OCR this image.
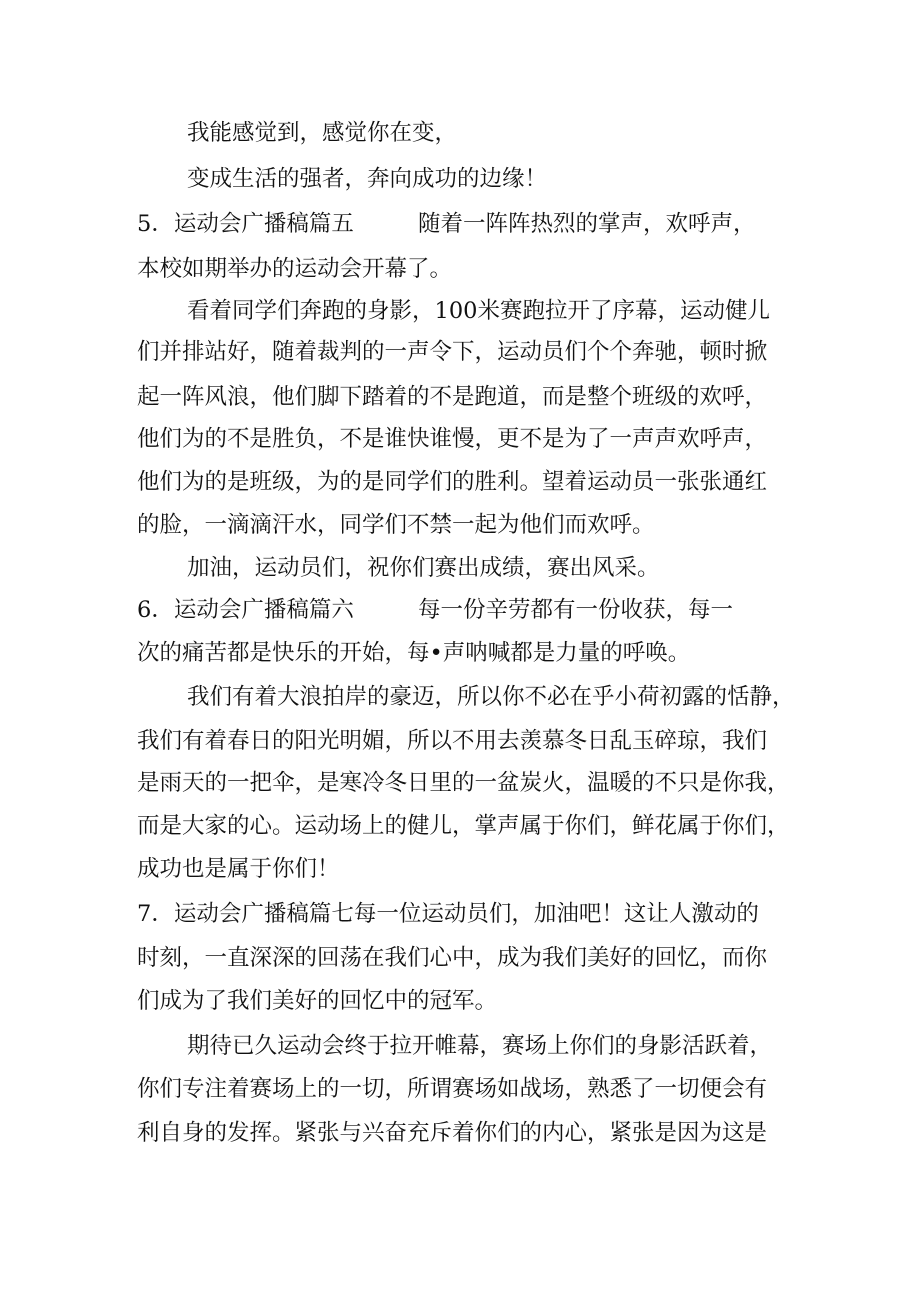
我能感觉到，感觉你在变，
变成生活的强者，奔向成功的边缘！
5．运动会广播稿篇五	随着一阵阵热烈的掌声，欢呼声，
本校如期举办的运动会开幕了。
看着同学们奔跑的身影，100米赛跑拉开了序幕，运动健儿
们并排站好，随着裁判的一声令下，运动员们个个奔驰，顿时掀
起一阵风浪，他们脚下踏着的不是跑道，而是整个班级的欢呼，
他们为的不是胜负，不是谁快谁慢，更不是为了一声声欢呼声，
他们为的是班级，为的是同学们的胜利。望着运动员一张张通红
的脸，一滴滴汗水，同学们不禁一起为他们而欢呼。
加油，运动员们，祝你们赛出成绩，赛出风采。
6．运动会广播稿篇六	每一份辛劳都有一份收获，每一
次的痛苦都是快乐的开始，每•声呐喊都是力量的呼唤。
我们有着大浪拍岸的豪迈，所以你不必在乎小荷初露的恬静，
我们有着春日的阳光明媚，所以不用去羡慕冬日乱玉碎琼，我们
是雨天的一把伞，是寒冷冬日里的一盆炭火，温暖的不只是你我，
而是大家的心。运动场上的健儿，掌声属于你们，鲜花属于你们，
成功也是属于你们！
7．运动会广播稿篇七每一位运动员们，加油吧！这让人激动的
时刻，一直深深的回荡在我们心中，成为我们美好的回忆，而你
们成为了我们美好的回忆中的冠军。
期待已久运动会终于拉开帷幕，赛场上你们的身影活跃着，
你们专注着赛场上的一切，所谓赛场如战场，熟悉了一切便会有
利自身的发挥。紧张与兴奋充斥着你们的内心，紧张是因为这是
